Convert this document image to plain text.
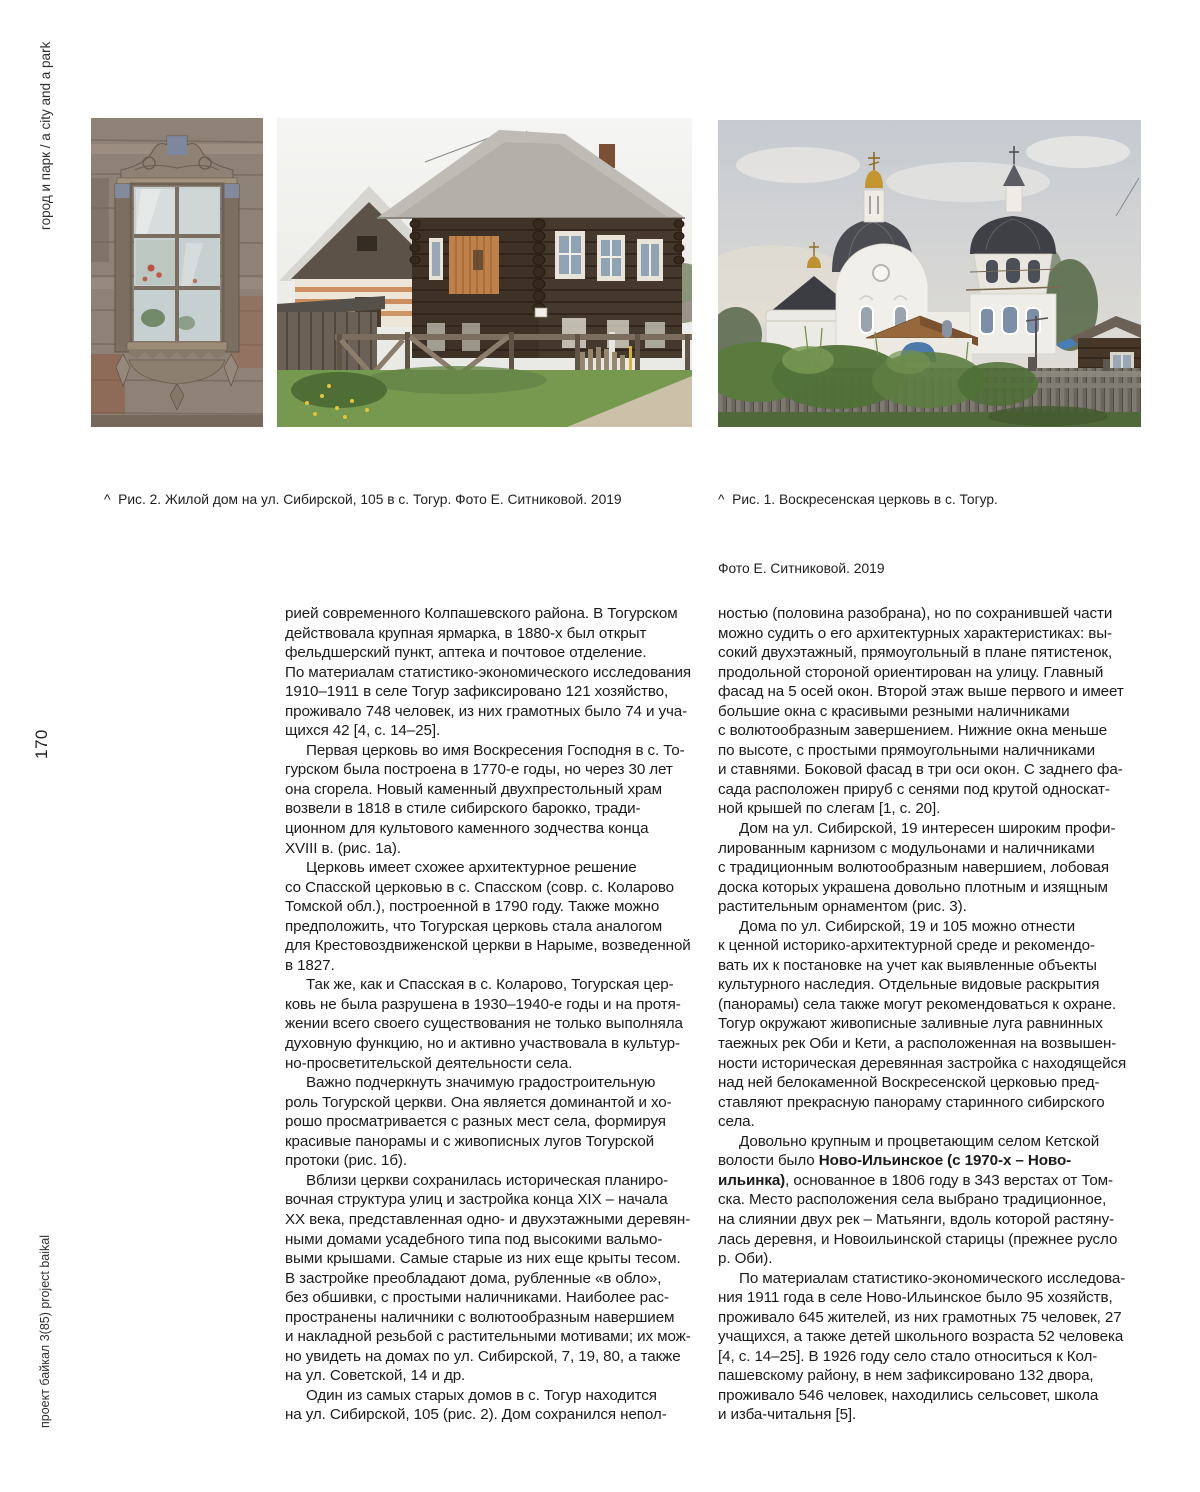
город и парк / a city and a park
170
проект байкал 3(85) project baikal

^  Рис. 2. Жилой дом на ул. Сибирской, 105 в с. Тогур. Фото Е. Ситниковой. 2019

	^  Рис. 1. Воскресенская церковь в с. Тогур.

Фото Е. Ситниковой. 2019

рией современного Колпашевского района. В Тогурском
действовала крупная ярмарка, в 1880-х был открыт
фельдшерский пункт, аптека и почтовое отделение.
По материалам статистико-экономического исследования
1910–1911 в селе Тогур зафиксировано 121 хозяйство,
проживало 748 человек, из них грамотных было 74 и уча-
щихся 42 [4, с. 14–25].
Первая церковь во имя Воскресения Господня в с. То-
гурском была построена в 1770-е годы, но через 30 лет
она сгорела. Новый каменный двухпрестольный храм
возвели в 1818 в стиле сибирского барокко, тради-
ционном для культового каменного зодчества конца
XVIII в. (рис. 1а).
Церковь имеет схожее архитектурное решение
со Спасской церковью в с. Спасском (совр. с. Коларово
Томской обл.), построенной в 1790 году. Также можно
предположить, что Тогурская церковь стала аналогом
для Крестовоздвиженской церкви в Нарыме, возведенной
в 1827.
Так же, как и Спасская в с. Коларово, Тогурская цер-
ковь не была разрушена в 1930–1940-е годы и на протя-
жении всего своего существования не только выполняла
духовную функцию, но и активно участвовала в культур-
но-просветительской деятельности села.
Важно подчеркнуть значимую градостроительную
роль Тогурской церкви. Она является доминантой и хо-
рошо просматривается с разных мест села, формируя
красивые панорамы и с живописных лугов Тогурской
протоки (рис. 1б).
Вблизи церкви сохранилась историческая планиро-
вочная структура улиц и застройка конца XIX – начала
XX века, представленная одно- и двухэтажными деревян-
ными домами усадебного типа под высокими вальмо-
выми крышами. Самые старые из них еще крыты тесом.
В застройке преобладают дома, рубленные «в обло»,
без обшивки, с простыми наличниками. Наиболее рас-
пространены наличники с волютообразным навершием
и накладной резьбой с растительными мотивами; их мож-
но увидеть на домах по ул. Сибирской, 7, 19, 80, а также
на ул. Советской, 14 и др.
Один из самых старых домов в с. Тогур находится
на ул. Сибирской, 105 (рис. 2). Дом сохранился непол-
ностью (половина разобрана), но по сохранившей части
можно судить о его архитектурных характеристиках: вы-
сокий двухэтажный, прямоугольный в плане пятистенок,
продольной стороной ориентирован на улицу. Главный
фасад на 5 осей окон. Второй этаж выше первого и имеет
большие окна с красивыми резными наличниками
с волютообразным завершением. Нижние окна меньше
по высоте, с простыми прямоугольными наличниками
и ставнями. Боковой фасад в три оси окон. С заднего фа-
сада расположен прируб с сенями под крутой односкат-
ной крышей по слегам [1, с. 20].
Дом на ул. Сибирской, 19 интересен широким профи-
лированным карнизом с модульонами и наличниками
с традиционным волютообразным навершием, лобовая
доска которых украшена довольно плотным и изящным
растительным орнаментом (рис. 3).
Дома по ул. Сибирской, 19 и 105 можно отнести
к ценной историко-архитектурной среде и рекомендо-
вать их к постановке на учет как выявленные объекты
культурного наследия. Отдельные видовые раскрытия
(панорамы) села также могут рекомендоваться к охране.
Тогур окружают живописные заливные луга равнинных
таежных рек Оби и Кети, а расположенная на возвышен-
ности историческая деревянная застройка с находящейся
над ней белокаменной Воскресенской церковью пред-
ставляют прекрасную панораму старинного сибирского
села.
Довольно крупным и процветающим селом Кетской
волости было Ново-Ильинское (с 1970-х – Ново-
ильинка), основанное в 1806 году в 343 верстах от Том-
ска. Место расположения села выбрано традиционное,
на слиянии двух рек – Матьянги, вдоль которой растяну-
лась деревня, и Новоильинской старицы (прежнее русло
р. Оби).
По материалам статистико-экономического исследова-
ния 1911 года в селе Ново-Ильинское было 95 хозяйств,
проживало 645 жителей, из них грамотных 75 человек, 27
учащихся, а также детей школьного возраста 52 человека
[4, с. 14–25]. В 1926 году село стало относиться к Кол-
пашевскому району, в нем зафиксировано 132 двора,
проживало 546 человек, находились сельсовет, школа
и изба-читальня [5].
